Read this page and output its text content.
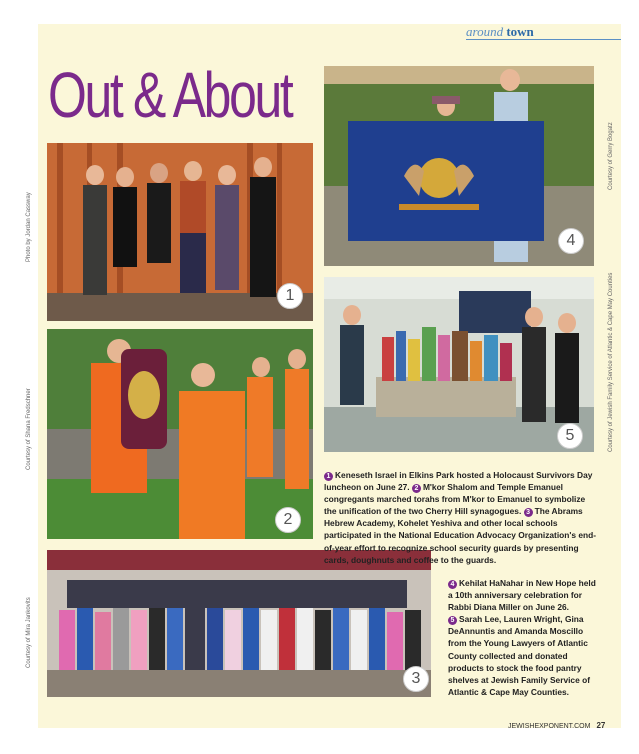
around town
Out & About
1
Photo by Jordan Cassway	4
Courtesy of Gerry Bogatz
2
Courtesy of Shana Fredschner	5	Courtesy of Jewish Family Service of Atlantic & Cape May Counties
3
Courtesy of Mira Jankovits
1 Keneseth Israel in Elkins Park hosted a Holocaust Survivors Day luncheon on June 27. 2 M'kor Shalom and Temple Emanuel congregants marched torahs from M'kor to Emanuel to symbolize the unification of the two Cherry Hill synagogues. 3 The Abrams Hebrew Academy, Kohelet Yeshiva and other local schools participated in the National Education Advocacy Organization's end-of-year effort to recognize school security guards by presenting cards, doughnuts and coffee to the guards.
4 Kehilat HaNahar in New Hope held a 10th anniversary celebration for Rabbi Diana Miller on June 26.
5 Sarah Lee, Lauren Wright, Gina DeAnnuntis and Amanda Moscillo from the Young Lawyers of Atlantic County collected and donated products to stock the food pantry shelves at Jewish Family Service of Atlantic & Cape May Counties.
JEWISHEXPONENT.COM 27
